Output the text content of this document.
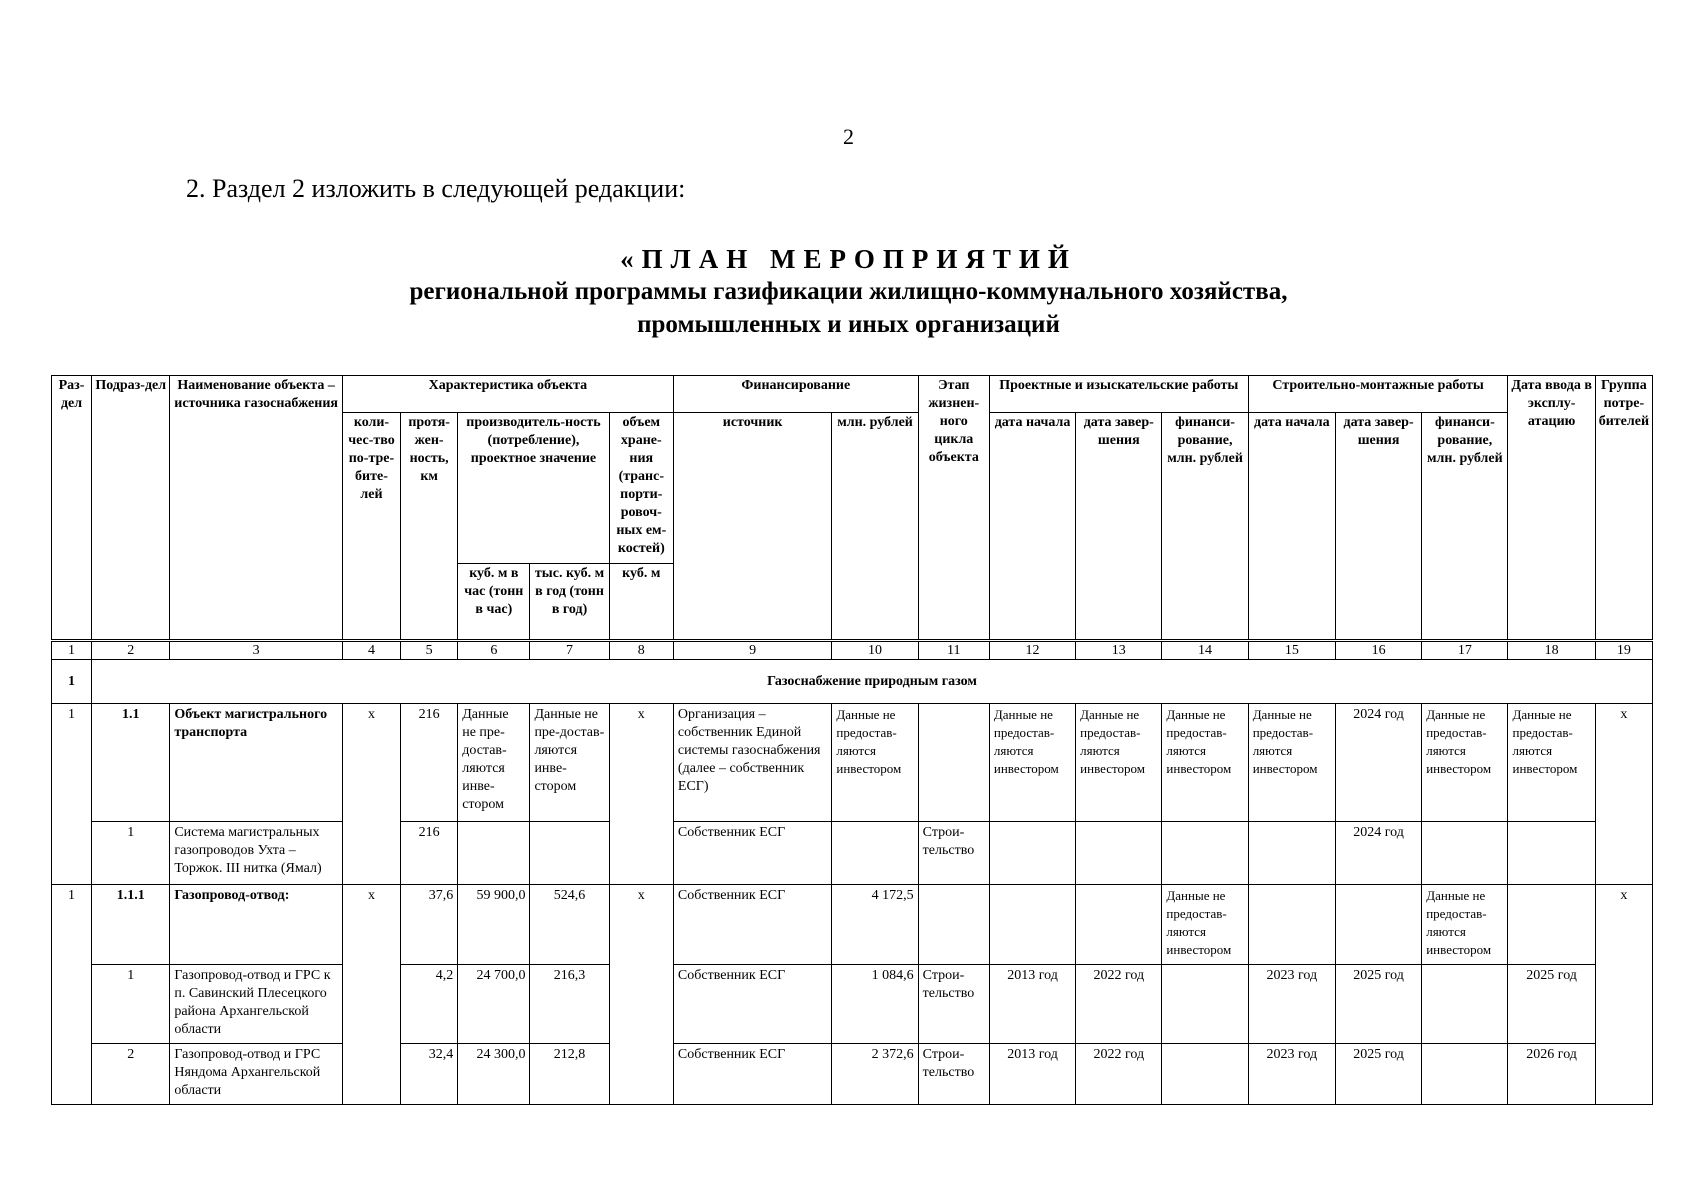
2
2. Раздел 2 изложить в следующей редакции:
«ПЛАН МЕРОПРИЯТИЙ
региональной программы газификации жилищно-коммунального хозяйства,
промышленных и иных организаций
Раз-дел	Подраз-дел	Наименование объекта – источника газоснабжения	Характеристика объекта					Финансирование		Этап жизнен-ного цикла объекта	Проектные и изыскательские работы			Строительно-монтажные работы			Дата ввода в эксплу-атацию	Группа потре-бителей
			коли-чес-тво по-тре-бите-лей	протя-жен-ность, км	производитель-ность (потребление), проектное значение		объем хране-ния (транс-порти-ровоч-ных ем-костей)	источник	млн. рублей		дата начала	дата завер-шения	финанси-рование, млн. рублей	дата начала	дата завер-шения	финанси-рование, млн. рублей		
					куб. м в час (тонн в час)	тыс. куб. м в год (тонн в год)	куб. м											
1	2	3	4	5	6	7	8	9	10	11	12	13	14	15	16	17	18	19
1	Газоснабжение природным газом																	
1	1.1	Объект магистрального транспорта	х	216	Данные не пре-достав-ляются инве-стором	Данные не пре-достав-ляются инве-стором	х	Организация – собственник Единой системы газоснабжения (далее – собственник ЕСГ)	Данные не предостав-ляются инвестором		Данные не предостав-ляются инвестором	Данные не предостав-ляются инвестором	Данные не предостав-ляются инвестором	Данные не предостав-ляются инвестором	2024 год	Данные не предостав-ляются инвестором	Данные не предостав-ляются инвестором	х
	1	Система магистральных газопроводов Ухта – Торжок. III нитка (Ямал)		216				Собственник ЕСГ		Строи-тельство					2024 год			
1	1.1.1	Газопровод-отвод:	х	37,6	59 900,0	524,6	х	Собственник ЕСГ	4 172,5				Данные не предостав-ляются инвестором			Данные не предостав-ляются инвестором		х
	1	Газопровод-отвод и ГРС к п. Савинский Плесецкого района Архангельской области		4,2	24 700,0	216,3		Собственник ЕСГ	1 084,6	Строи-тельство	2013 год	2022 год		2023 год	2025 год		2025 год	
	2	Газопровод-отвод и ГРС Няндома Архангельской области		32,4	24 300,0	212,8		Собственник ЕСГ	2 372,6	Строи-тельство	2013 год	2022 год		2023 год	2025 год		2026 год	
